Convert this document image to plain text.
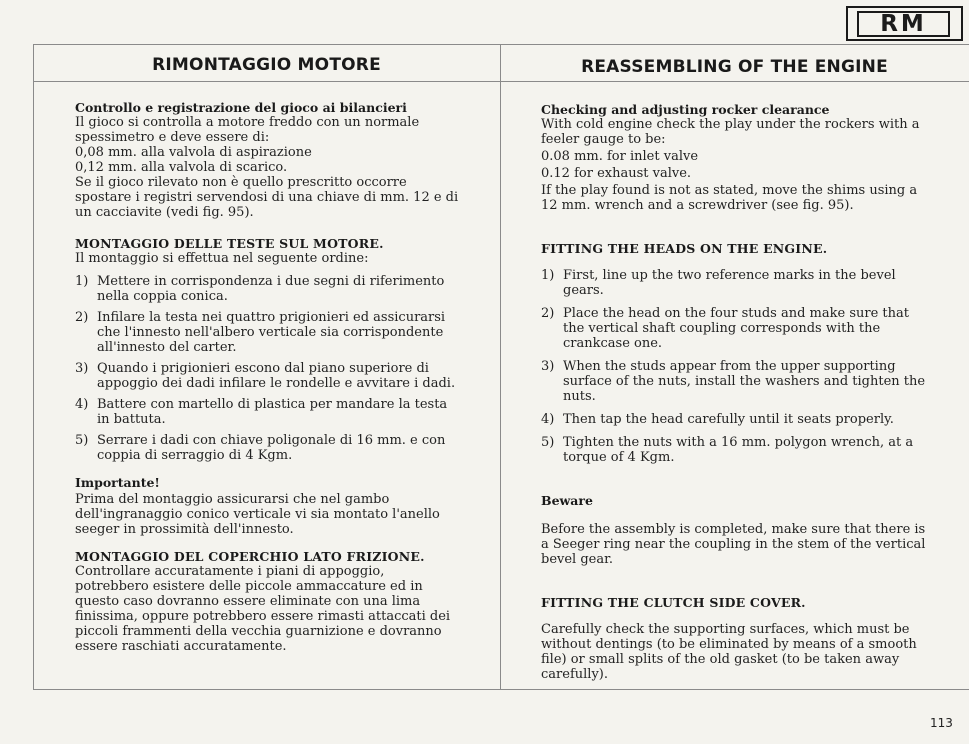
RM
RIMONTAGGIO MOTORE	REASSEMBLING OF THE ENGINE

Controllo e registrazione del gioco ai bilancieri

Il gioco si controlla a motore freddo con un normale spessimetro e deve essere di:

0,08 mm. alla valvola di aspirazione

0,12 mm. alla valvola di scarico.

Se il gioco rilevato non è quello prescritto occorre spostare i registri servendosi di una chiave di mm. 12 e di un cacciavite (vedi fig. 95).

MONTAGGIO DELLE TESTE SUL MOTORE.

Il montaggio si effettua nel seguente ordine:

1) Mettere in corrispondenza i due segni di riferimento nella coppia conica.
2) Infilare la testa nei quattro prigionieri ed assicurarsi che l'innesto nell'albero verticale sia corrispondente all'innesto del carter.
3) Quando i prigionieri escono dal piano superiore di appoggio dei dadi infilare le rondelle e avvitare i dadi.
4) Battere con martello di plastica per mandare la testa in battuta.
5) Serrare i dadi con chiave poligonale di 16 mm. e con coppia di serraggio di 4 Kgm.

Importante!

Prima del montaggio assicurarsi che nel gambo dell'ingranaggio conico verticale vi sia montato l'anello seeger in prossimità dell'innesto.

MONTAGGIO DEL COPERCHIO LATO FRIZIONE.

Controllare accuratamente i piani di appoggio, potrebbero esistere delle piccole ammaccature ed in questo caso dovranno essere eliminate con una lima finissima, oppure potrebbero essere rimasti attaccati dei piccoli frammenti della vecchia guarnizione e dovranno essere raschiati accuratamente.

Checking and adjusting rocker clearance

With cold engine check the play under the rockers with a feeler gauge to be:

0.08 mm. for inlet valve

0.12 for exhaust valve.

If the play found is not as stated, move the shims using a 12 mm. wrench and a screwdriver (see fig. 95).

FITTING THE HEADS ON THE ENGINE.

1) First, line up the two reference marks in the bevel gears.
2) Place the head on the four studs and make sure that the vertical shaft coupling corresponds with the crankcase one.
3) When the studs appear from the upper supporting surface of the nuts, install the washers and tighten the nuts.
4) Then tap the head carefully until it seats properly.
5) Tighten the nuts with a 16 mm. polygon wrench, at a torque of 4 Kgm.

Beware

Before the assembly is completed, make sure that there is a Seeger ring near the coupling in the stem of the vertical bevel gear.

FITTING THE CLUTCH SIDE COVER.

Carefully check the supporting surfaces, which must be without dentings (to be eliminated by means of a smooth file) or small splits of the old gasket (to be taken away carefully).

113
